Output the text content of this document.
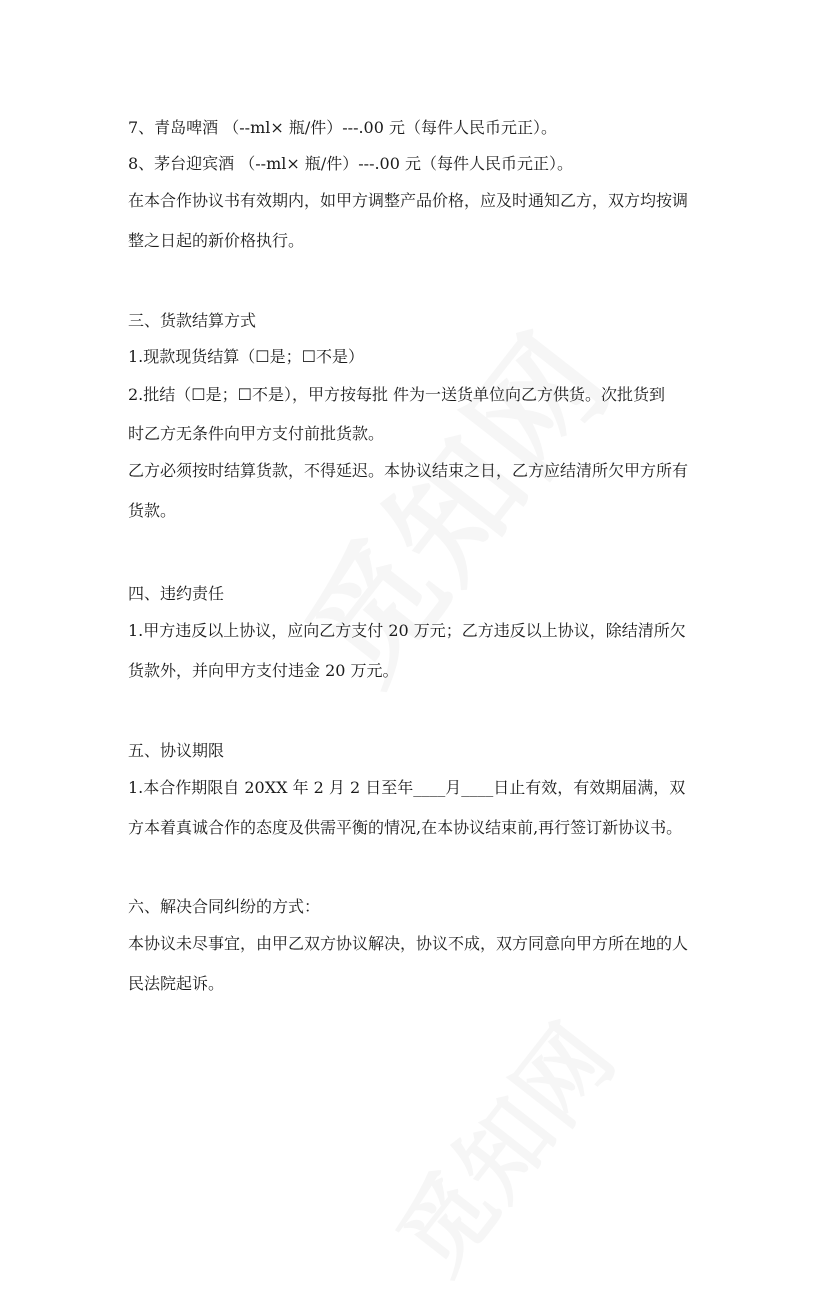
7、青岛啤酒 （--ml× 瓶/件）---.00 元（每件人民币元正）。
8、茅台迎宾酒 （--ml× 瓶/件）---.00 元（每件人民币元正）。
在本合作协议书有效期内，如甲方调整产品价格，应及时通知乙方，双方均按调
整之日起的新价格执行。
三、货款结算方式
1.现款现货结算（☐是；☐不是）
2.批结（☐是；☐不是），甲方按每批 件为一送货单位向乙方供货。次批货到
时乙方无条件向甲方支付前批货款。
乙方必须按时结算货款，不得延迟。本协议结束之日，乙方应结清所欠甲方所有
货款。
四、违约责任
1.甲方违反以上协议，应向乙方支付 20 万元；乙方违反以上协议，除结清所欠
货款外，并向甲方支付违金 20 万元。
五、协议期限
1.本合作期限自 20XX 年 2 月 2 日至年____月____日止有效，有效期届满，双
方本着真诚合作的态度及供需平衡的情况,在本协议结束前,再行签订新协议书。
六、解决合同纠纷的方式：
本协议未尽事宜，由甲乙双方协议解决，协议不成，双方同意向甲方所在地的人
民法院起诉。
